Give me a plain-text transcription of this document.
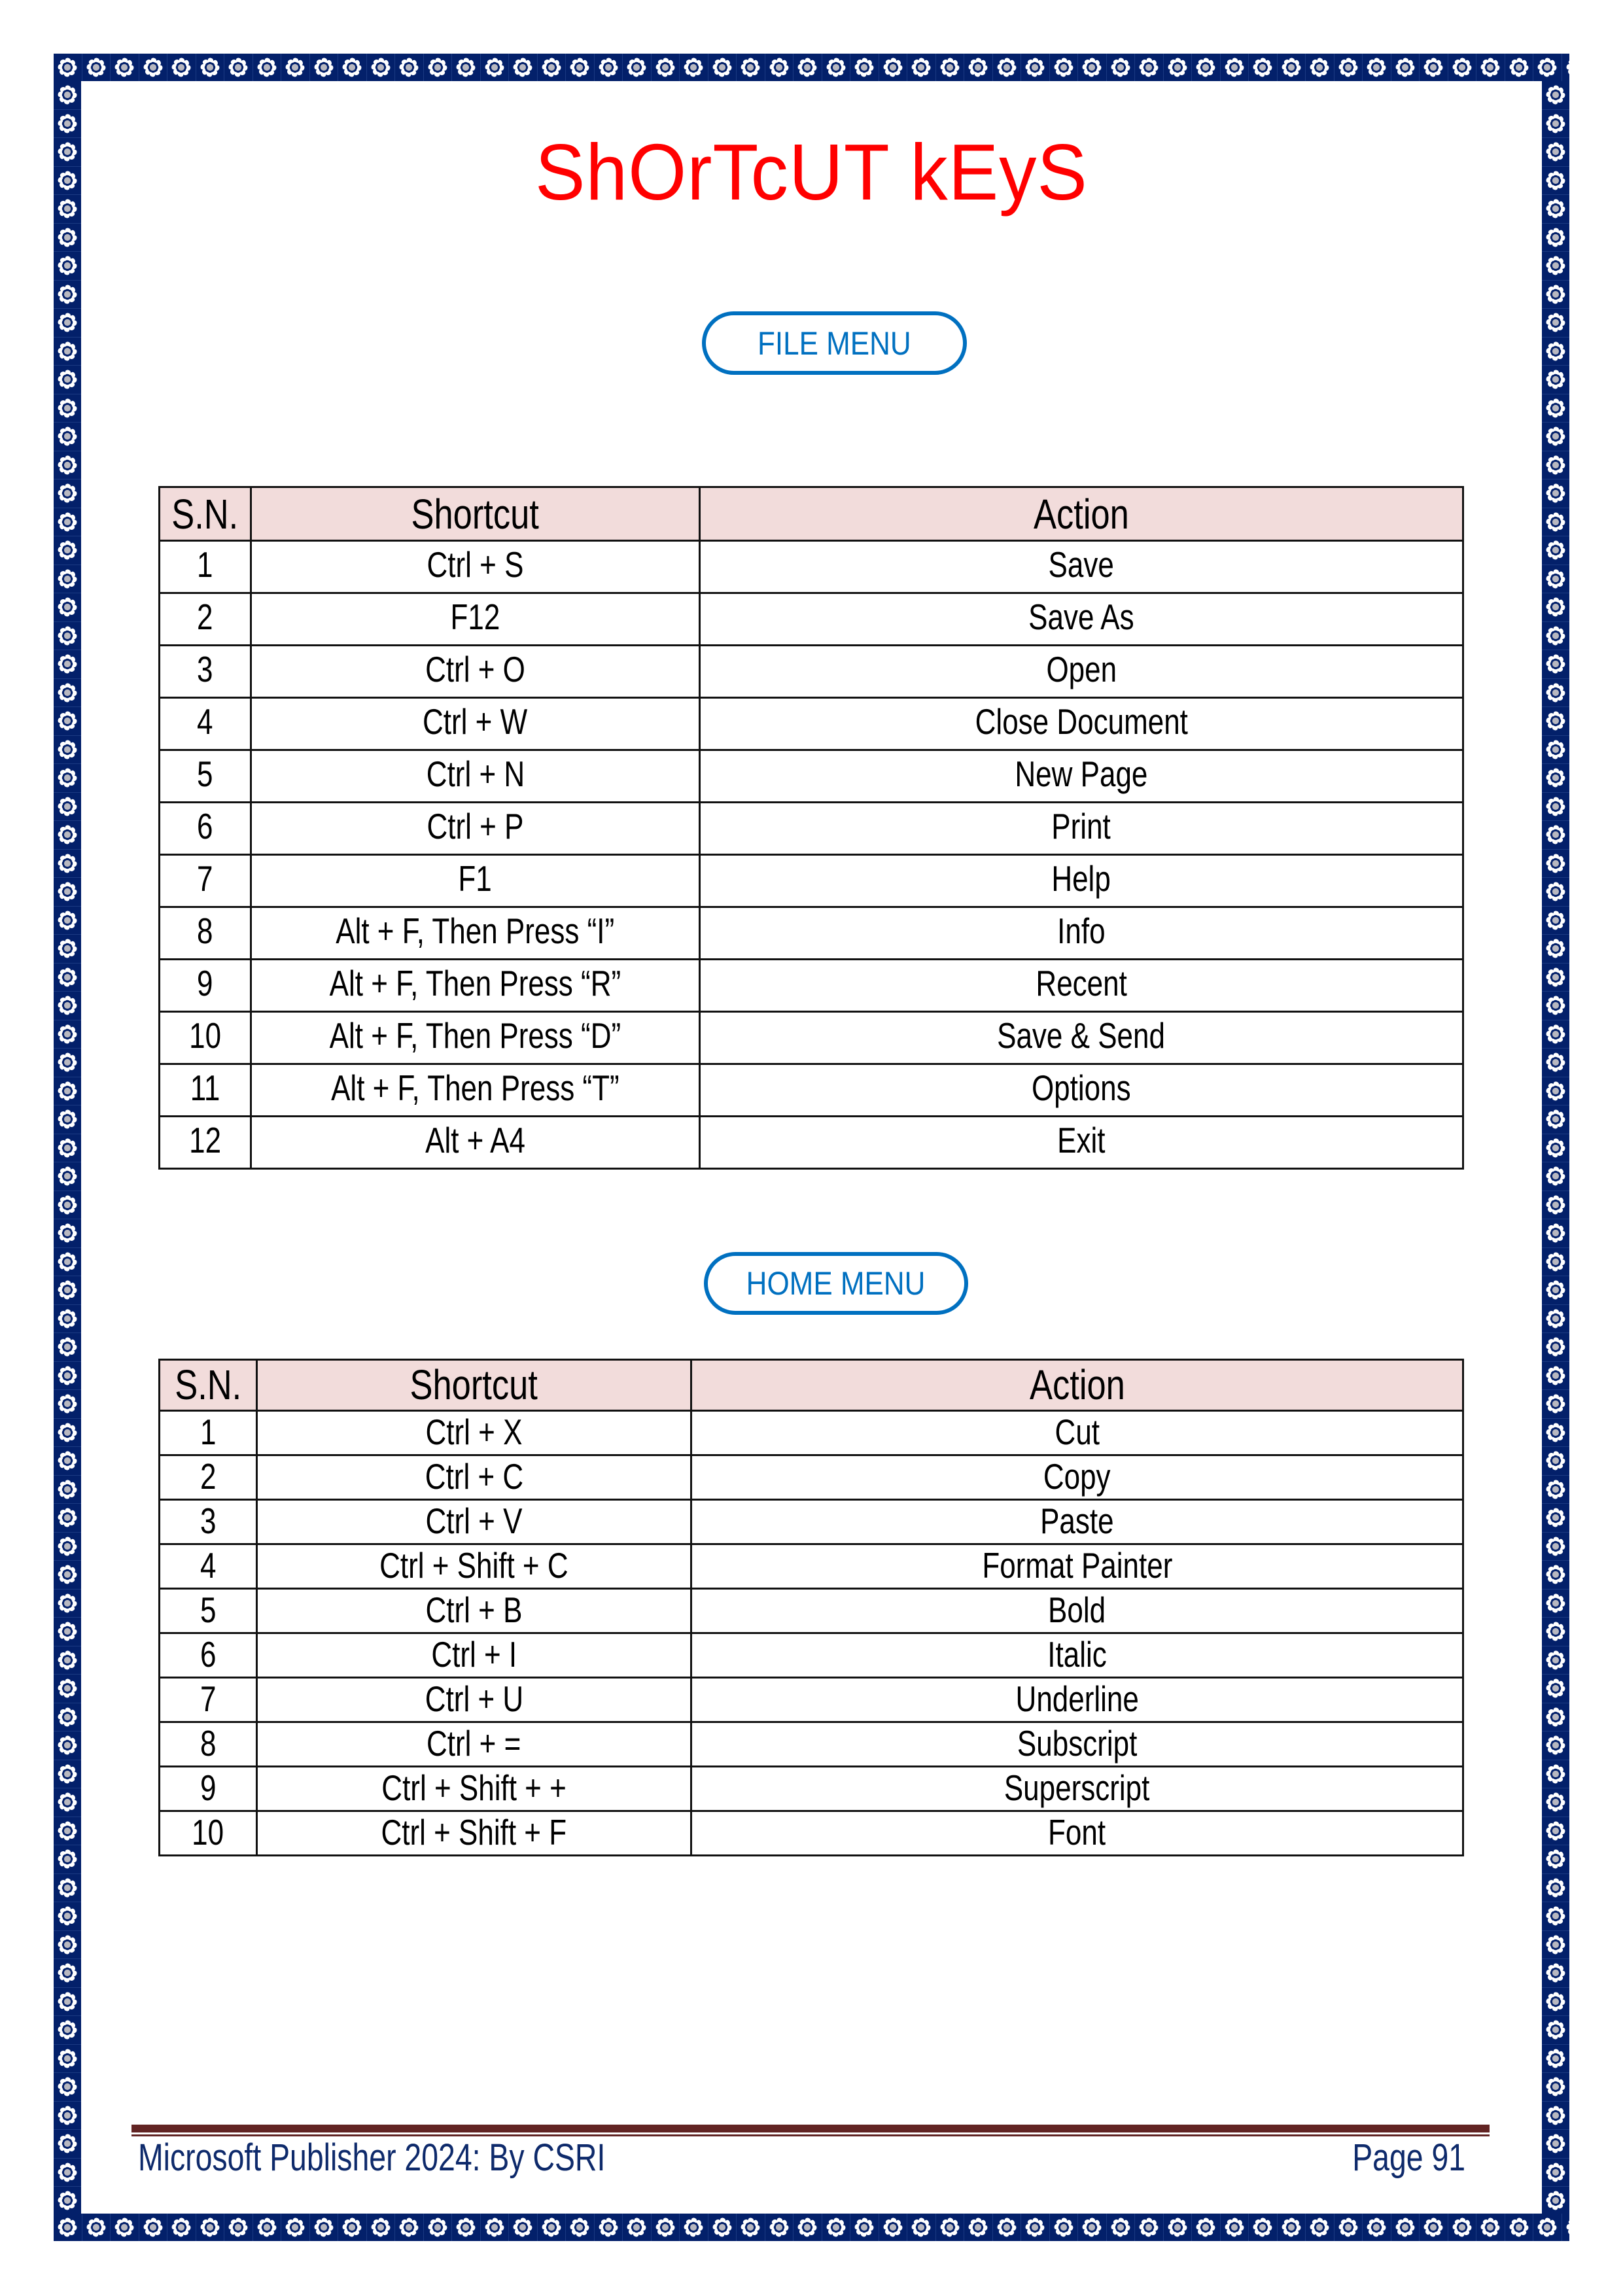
ShOrTcUT kEyS
FILE MENU
S.N.	Shortcut	Action
1	Ctrl + S	Save
2	F12	Save As
3	Ctrl + O	Open
4	Ctrl + W	Close Document
5	Ctrl + N	New Page
6	Ctrl + P	Print
7	F1	Help
8	Alt + F, Then Press “I”	Info
9	Alt + F, Then Press “R”	Recent
10	Alt + F, Then Press “D”	Save & Send
11	Alt + F, Then Press “T”	Options
12	Alt + A4	Exit
HOME MENU
S.N.	Shortcut	Action
1	Ctrl + X	Cut
2	Ctrl + C	Copy
3	Ctrl + V	Paste
4	Ctrl + Shift + C	Format Painter
5	Ctrl + B	Bold
6	Ctrl + I	Italic
7	Ctrl + U	Underline
8	Ctrl + =	Subscript
9	Ctrl + Shift + +	Superscript
10	Ctrl + Shift + F	Font
Microsoft Publisher 2024: By CSRI	Page 91
